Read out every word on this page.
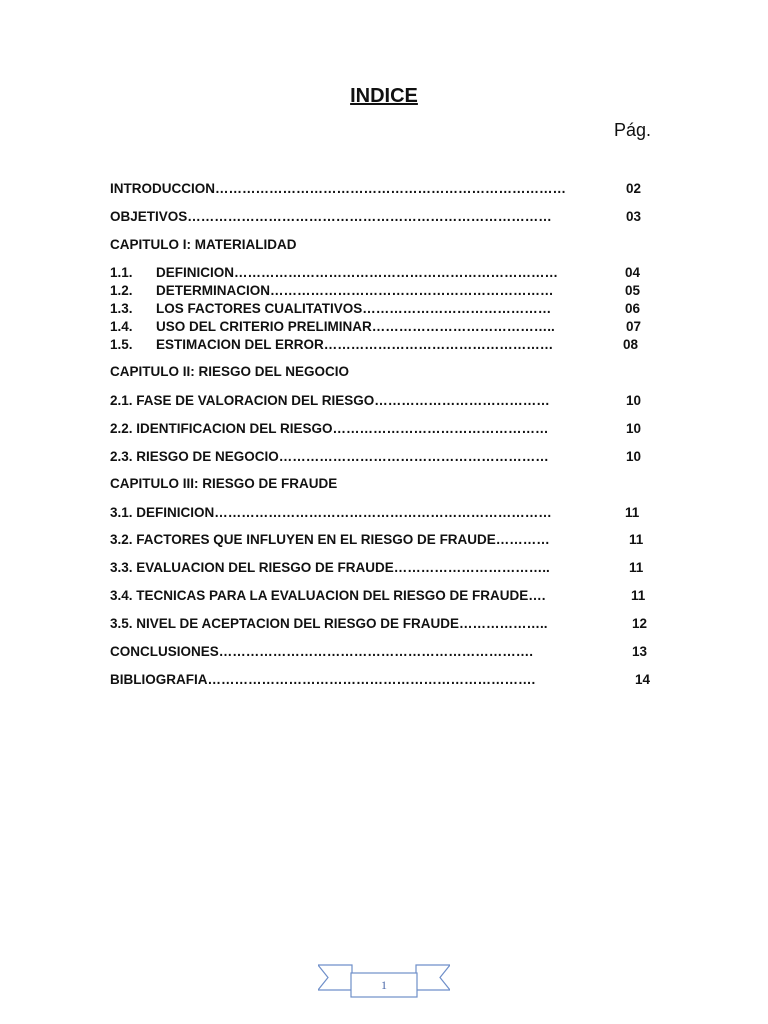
INDICE
Pág.
INTRODUCCION……………………………………………………………………	02
OBJETIVOS………………………………………………………………………	03
CAPITULO I: MATERIALIDAD
1.1. DEFINICION………………………………………………………………	04
1.2. DETERMINACION………………………………………………………	05
1.3. LOS FACTORES CUALITATIVOS……………………………………	06
1.4. USO DEL CRITERIO PRELIMINAR…………………………………..	07
1.5. ESTIMACION DEL ERROR……………………………………………	08
CAPITULO II: RIESGO DEL NEGOCIO
2.1. FASE DE VALORACION DEL RIESGO…………………………………	10
2.2. IDENTIFICACION DEL RIESGO…………………………………………	10
2.3. RIESGO DE NEGOCIO……………………………………………………	10
CAPITULO III: RIESGO DE FRAUDE
3.1. DEFINICION…………………………………………………………………	11
3.2. FACTORES QUE INFLUYEN EN EL RIESGO DE FRAUDE…………	11
3.3. EVALUACION DEL RIESGO DE FRAUDE……………………………..	11
3.4. TECNICAS PARA LA EVALUACION DEL RIESGO DE FRAUDE….	11
3.5. NIVEL DE ACEPTACION DEL RIESGO DE FRAUDE………………..	12
CONCLUSIONES…………………………………………………………….	13
BIBLIOGRAFIA……………………………………………………………….	14
1
